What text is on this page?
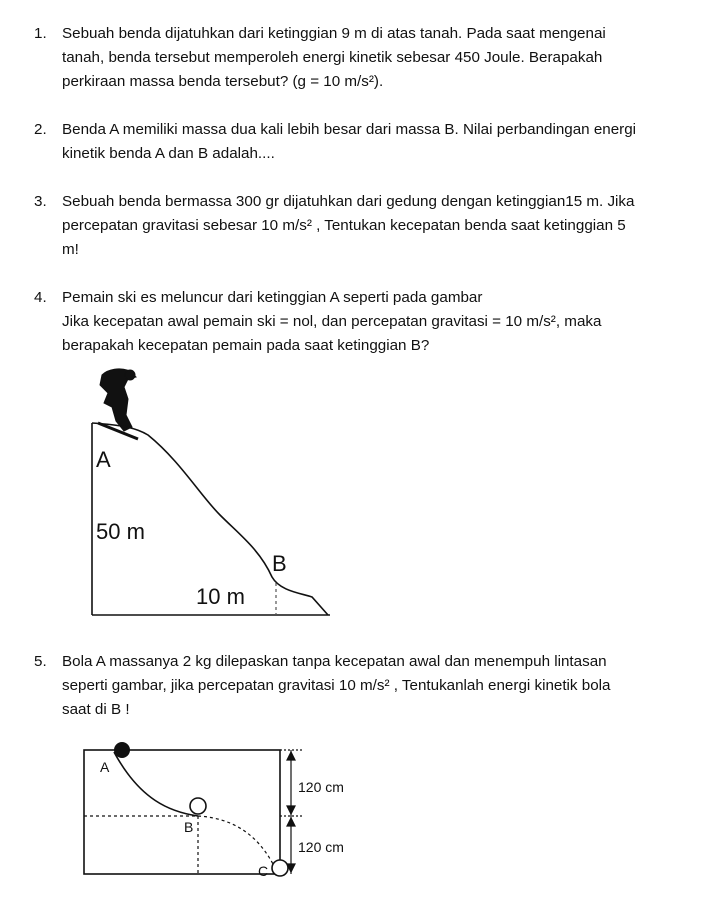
1. Sebuah benda dijatuhkan dari ketinggian 9 m di atas tanah. Pada saat mengenai
tanah, benda tersebut memperoleh energi kinetik sebesar 450 Joule. Berapakah
perkiraan massa benda tersebut? (g = 10 m/s²).
2. Benda A memiliki massa dua kali lebih besar dari massa B. Nilai perbandingan energi
kinetik benda A dan B adalah....
3. Sebuah benda bermassa 300 gr dijatuhkan dari gedung dengan ketinggian15 m. Jika
percepatan gravitasi sebesar 10 m/s² , Tentukan kecepatan benda saat ketinggian 5
m!
4. Pemain ski es meluncur dari ketinggian A seperti pada gambar
Jika kecepatan awal pemain ski = nol, dan percepatan gravitasi = 10 m/s², maka
berapakah kecepatan pemain pada saat ketinggian B?
A
50 m
B
10 m
5. Bola A massanya 2 kg dilepaskan tanpa kecepatan awal dan menempuh lintasan
seperti gambar, jika percepatan gravitasi 10 m/s² , Tentukanlah energi kinetik bola
saat di B !
A
B
C
120 cm
120 cm
